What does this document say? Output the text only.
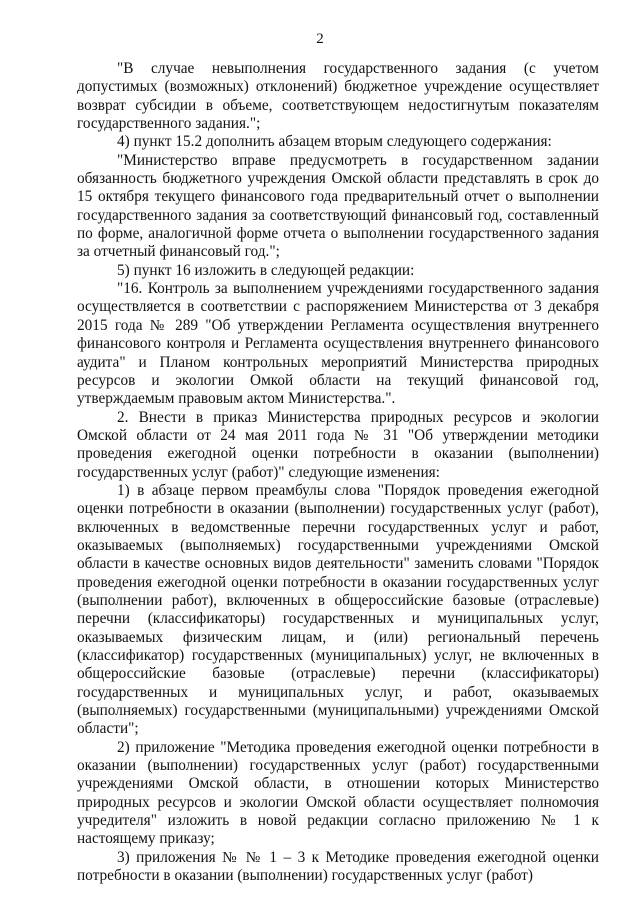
2

"В случае невыполнения государственного задания (с учетом допустимых (возможных) отклонений) бюджетное учреждение осуществляет возврат субсидии в объеме, соответствующем недостигнутым показателям государственного задания.";

4) пункт 15.2 дополнить абзацем вторым следующего содержания:

"Министерство вправе предусмотреть в государственном задании обязанность бюджетного учреждения Омской области представлять в срок до 15 октября текущего финансового года предварительный отчет о выполнении государственного задания за соответствующий финансовый год, составленный по форме, аналогичной форме отчета о выполнении государственного задания за отчетный финансовый год.";

5) пункт 16 изложить в следующей редакции:

"16. Контроль за выполнением учреждениями государственного задания осуществляется в соответствии с распоряжением Министерства от 3 декабря 2015 года № 289 "Об утверждении Регламента осуществления внутреннего финансового контроля и Регламента осуществления внутреннего финансового аудита" и Планом контрольных мероприятий Министерства природных ресурсов и экологии Омкой области на текущий финансовой год, утверждаемым правовым актом Министерства.".

2. Внести в приказ Министерства природных ресурсов и экологии Омской области от 24 мая 2011 года № 31 "Об утверждении методики проведения ежегодной оценки потребности в оказании (выполнении) государственных услуг (работ)" следующие изменения:

1) в абзаце первом преамбулы слова "Порядок проведения ежегодной оценки потребности в оказании (выполнении) государственных услуг (работ), включенных в ведомственные перечни государственных услуг и работ, оказываемых (выполняемых) государственными учреждениями Омской области в качестве основных видов деятельности" заменить словами "Порядок проведения ежегодной оценки потребности в оказании государственных услуг (выполнении работ), включенных в общероссийские базовые (отраслевые) перечни (классификаторы) государственных и муниципальных услуг, оказываемых физическим лицам, и (или) региональный перечень (классификатор) государственных (муниципальных) услуг, не включенных в общероссийские базовые (отраслевые) перечни (классификаторы) государственных и муниципальных услуг, и работ, оказываемых (выполняемых) государственными (муниципальными) учреждениями Омской области";

2) приложение "Методика проведения ежегодной оценки потребности в оказании (выполнении) государственных услуг (работ) государственными учреждениями Омской области, в отношении которых Министерство природных ресурсов и экологии Омской области осуществляет полномочия учредителя" изложить в новой редакции согласно приложению № 1 к настоящему приказу;

3) приложения № № 1 – 3 к Методике проведения ежегодной оценки потребности в оказании (выполнении) государственных услуг (работ)
